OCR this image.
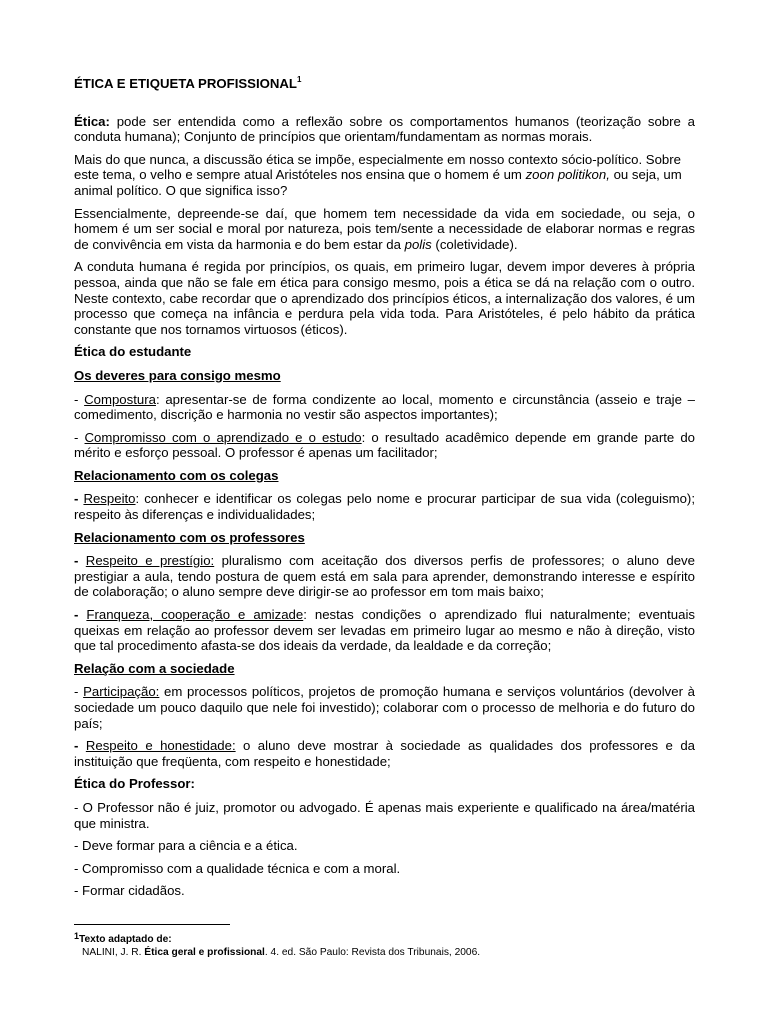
ÉTICA E ETIQUETA PROFISSIONAL$^1$

Ética: pode ser entendida como a reflexão sobre os comportamentos humanos (teorização sobre a conduta humana); Conjunto de princípios que orientam/fundamentam as normas morais.

Mais do que nunca, a discussão ética se impõe, especialmente em nosso contexto sócio-político. Sobre este tema, o velho e sempre atual Aristóteles nos ensina que o homem é um zoon politikon, ou seja, um animal político. O que significa isso?

Essencialmente, depreende-se daí, que homem tem necessidade da vida em sociedade, ou seja, o homem é um ser social e moral por natureza, pois tem/sente a necessidade de elaborar normas e regras de convivência em vista da harmonia e do bem estar da polis (coletividade).

A conduta humana é regida por princípios, os quais, em primeiro lugar, devem impor deveres à própria pessoa, ainda que não se fale em ética para consigo mesmo, pois a ética se dá na relação com o outro. Neste contexto, cabe recordar que o aprendizado dos princípios éticos, a internalização dos valores, é um processo que começa na infância e perdura pela vida toda. Para Aristóteles, é pelo hábito da prática constante que nos tornamos virtuosos (éticos).

Ética do estudante
Os deveres para consigo mesmo

- Compostura: apresentar-se de forma condizente ao local, momento e circunstância (asseio e traje – comedimento, discrição e harmonia no vestir são aspectos importantes);

- Compromisso com o aprendizado e o estudo: o resultado acadêmico depende em grande parte do mérito e esforço pessoal. O professor é apenas um facilitador;

Relacionamento com os colegas

- Respeito: conhecer e identificar os colegas pelo nome e procurar participar de sua vida (coleguismo); respeito às diferenças e individualidades;

Relacionamento com os professores

- Respeito e prestígio: pluralismo com aceitação dos diversos perfis de professores; o aluno deve prestigiar a aula, tendo postura de quem está em sala para aprender, demonstrando interesse e espírito de colaboração; o aluno sempre deve dirigir-se ao professor em tom mais baixo;

- Franqueza, cooperação e amizade: nestas condições o aprendizado flui naturalmente; eventuais queixas em relação ao professor devem ser levadas em primeiro lugar ao mesmo e não à direção, visto que tal procedimento afasta-se dos ideais da verdade, da lealdade e da correção;

Relação com a sociedade

- Participação: em processos políticos, projetos de promoção humana e serviços voluntários (devolver à sociedade um pouco daquilo que nele foi investido); colaborar com o processo de melhoria e do futuro do país;

- Respeito e honestidade: o aluno deve mostrar à sociedade as qualidades dos professores e da instituição que freqüenta, com respeito e honestidade;

Ética do Professor:

- O Professor não é juiz, promotor ou advogado. É apenas mais experiente e qualificado na área/matéria que ministra.

- Deve formar para a ciência e a ética.

- Compromisso com a qualidade técnica e com a moral.

- Formar cidadãos.

1Texto adaptado de:
NALINI, J. R. Ética geral e profissional. 4. ed. São Paulo: Revista dos Tribunais, 2006.
